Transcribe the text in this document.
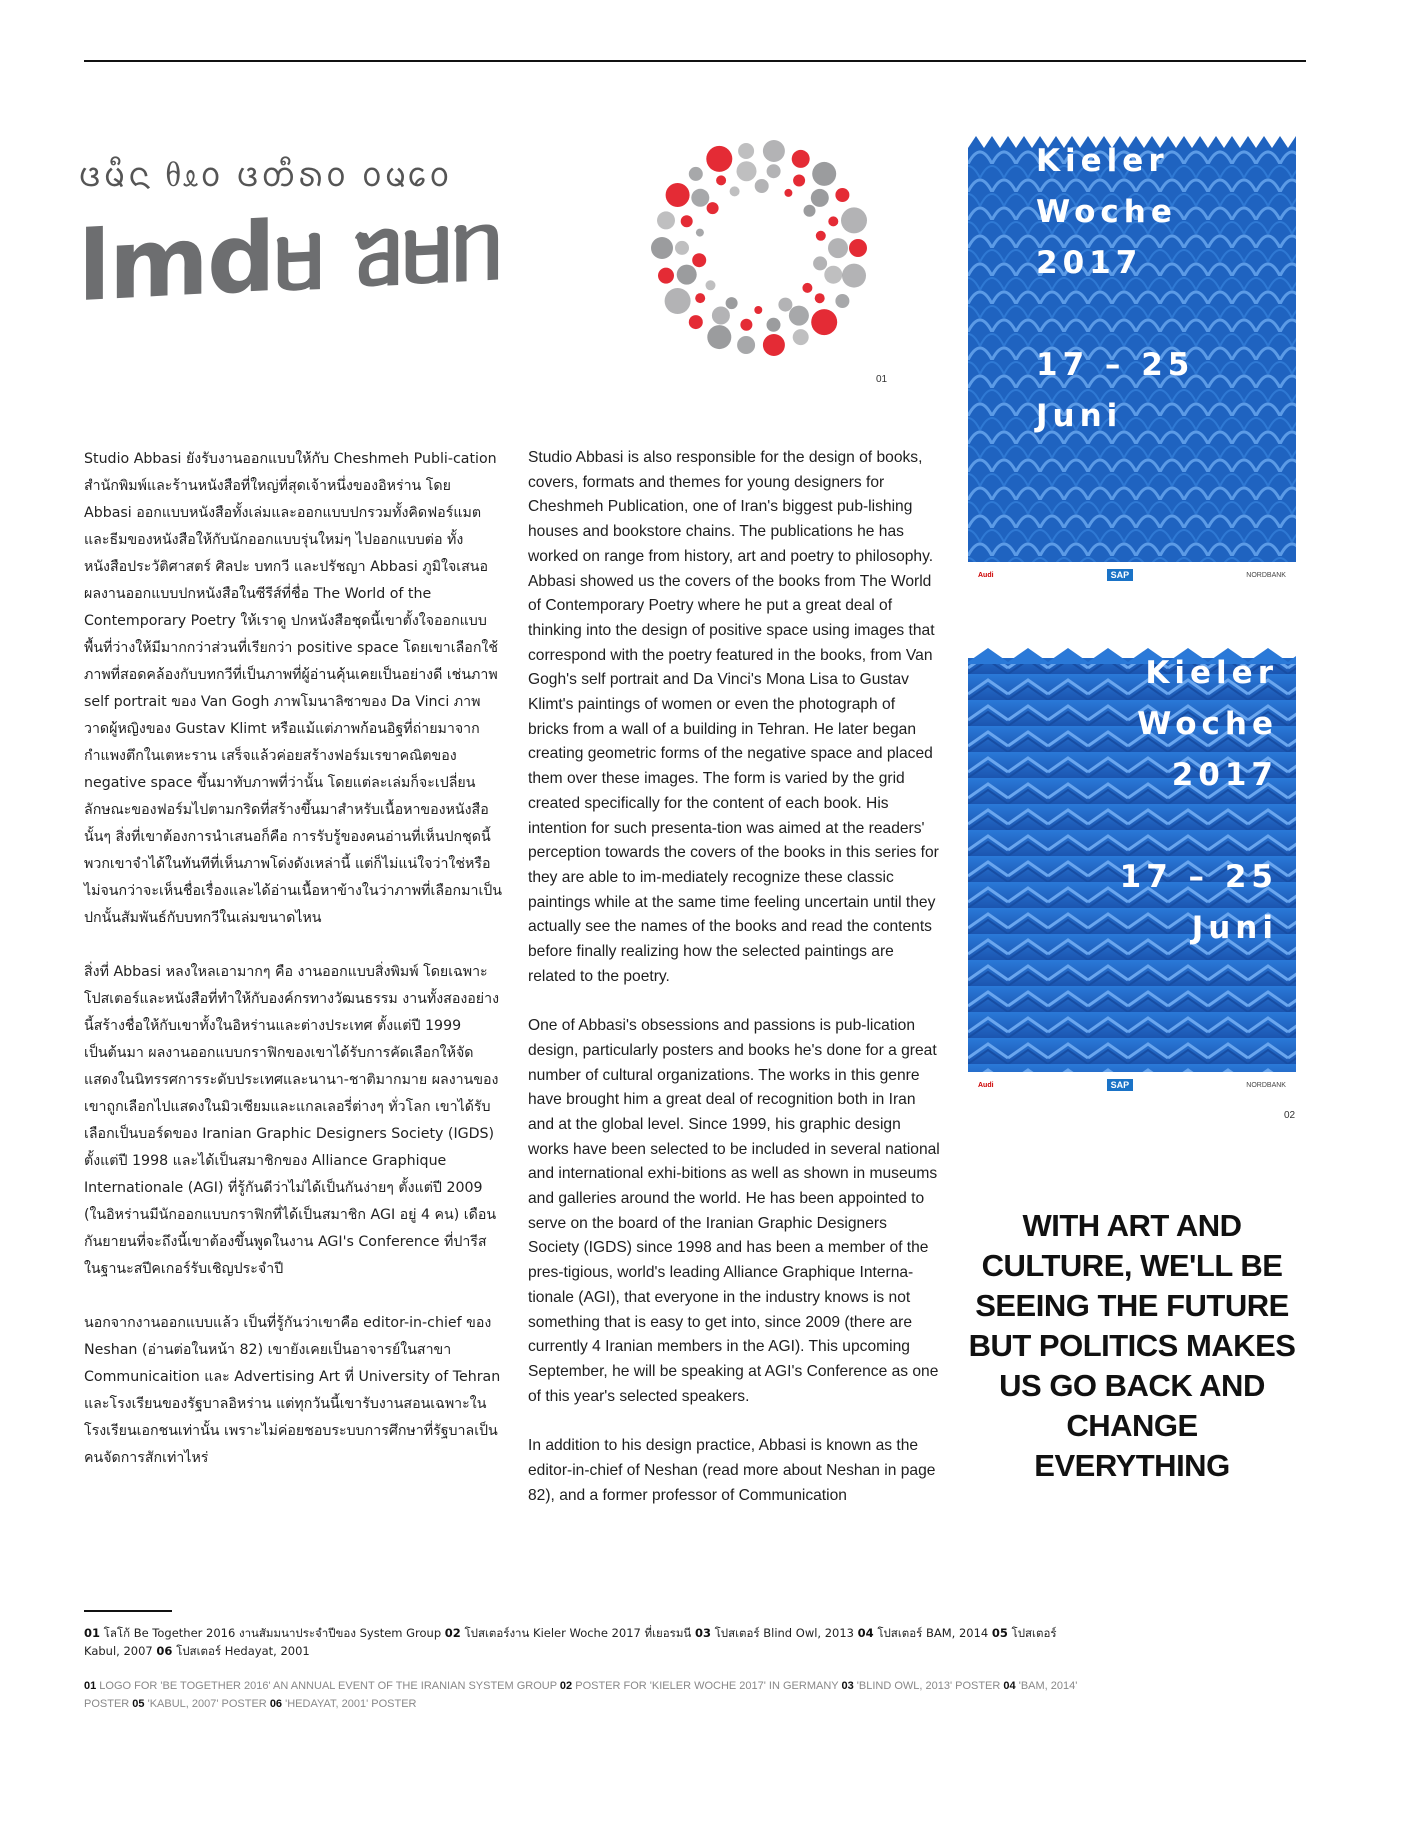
ᨴᨾᩥᨶ ᦲᦸᩅ ᨴᨲᩥᩁᩅ ᩅᨾᩮᩅ
lmdᥛ ᥑᥛᥒ
01
Kieler
Woche
2017
17 – 25
Juni
Audi	SAP	NORDBANK
Kieler
Woche
2017
17 – 25
Juni
Audi	SAP	NORDBANK
02

Studio Abbasi ยังรับงานออกแบบให้กับ Cheshmeh Publi-cation สำนักพิมพ์และร้านหนังสือที่ใหญ่ที่สุดเจ้าหนึ่งของอิหร่าน โดย Abbasi ออกแบบหนังสือทั้งเล่มและออกแบบปกรวมทั้งคิดฟอร์แมตและธีมของหนังสือให้กับนักออกแบบรุ่นใหม่ๆ ไปออกแบบต่อ ทั้งหนังสือประวัติศาสตร์ ศิลปะ บทกวี และปรัชญา Abbasi ภูมิใจเสนอผลงานออกแบบปกหนังสือในซีรีส์ที่ชื่อ The World of the Contemporary Poetry ให้เราดู ปกหนังสือชุดนี้เขาตั้งใจออกแบบพื้นที่ว่างให้มีมากกว่าส่วนที่เรียกว่า positive space โดยเขาเลือกใช้ภาพที่สอดคล้องกับบทกวีที่เป็นภาพที่ผู้อ่านคุ้นเคยเป็นอย่างดี เช่นภาพ self portrait ของ Van Gogh ภาพโมนาลิซาของ Da Vinci ภาพวาดผู้หญิงของ Gustav Klimt หรือแม้แต่ภาพก้อนอิฐที่ถ่ายมาจากกำแพงตึกในเตหะราน เสร็จแล้วค่อยสร้างฟอร์มเรขาคณิตของ negative space ขึ้นมาทับภาพที่ว่านั้น โดยแต่ละเล่มก็จะเปลี่ยนลักษณะของฟอร์มไปตามกริดที่สร้างขึ้นมาสำหรับเนื้อหาของหนังสือนั้นๆ สิ่งที่เขาต้องการนำเสนอก็คือ การรับรู้ของคนอ่านที่เห็นปกชุดนี้ พวกเขาจำได้ในทันทีที่เห็นภาพโด่งดังเหล่านี้ แต่ก็ไม่แน่ใจว่าใช่หรือไม่จนกว่าจะเห็นชื่อเรื่องและได้อ่านเนื้อหาข้างในว่าภาพที่เลือกมาเป็นปกนั้นสัมพันธ์กับบทกวีในเล่มขนาดไหน

สิ่งที่ Abbasi หลงใหลเอามากๆ คือ งานออกแบบสิ่งพิมพ์ โดยเฉพาะโปสเตอร์และหนังสือที่ทำให้กับองค์กรทางวัฒนธรรม งานทั้งสองอย่างนี้สร้างชื่อให้กับเขาทั้งในอิหร่านและต่างประเทศ ตั้งแต่ปี 1999 เป็นต้นมา ผลงานออกแบบกราฟิกของเขาได้รับการคัดเลือกให้จัดแสดงในนิทรรศการระดับประเทศและนานา-ชาติมากมาย ผลงานของเขาถูกเลือกไปแสดงในมิวเซียมและแกลเลอรี่ต่างๆ ทั่วโลก เขาได้รับเลือกเป็นบอร์ดของ Iranian Graphic Designers Society (IGDS) ตั้งแต่ปี 1998 และได้เป็นสมาชิกของ Alliance Graphique Internationale (AGI) ที่รู้กันดีว่าไม่ได้เป็นกันง่ายๆ ตั้งแต่ปี 2009 (ในอิหร่านมีนักออกแบบกราฟิกที่ได้เป็นสมาชิก AGI อยู่ 4 คน) เดือนกันยายนที่จะถึงนี้เขาต้องขึ้นพูดในงาน AGI's Conference ที่ปารีสในฐานะสปีคเกอร์รับเชิญประจำปี

นอกจากงานออกแบบแล้ว เป็นที่รู้กันว่าเขาคือ editor-in-chief ของ Neshan (อ่านต่อในหน้า 82) เขายังเคยเป็นอาจารย์ในสาขา Communicaition และ Advertising Art ที่ University of Tehran และโรงเรียนของรัฐบาลอิหร่าน แต่ทุกวันนี้เขารับงานสอนเฉพาะในโรงเรียนเอกชนเท่านั้น เพราะไม่ค่อยชอบระบบการศึกษาที่รัฐบาลเป็นคนจัดการสักเท่าไหร่

Studio Abbasi is also responsible for the design of books, covers, formats and themes for young designers for Cheshmeh Publication, one of Iran's biggest pub-lishing houses and bookstore chains. The publications he has worked on range from history, art and poetry to philosophy. Abbasi showed us the covers of the books from The World of Contemporary Poetry where he put a great deal of thinking into the design of positive space using images that correspond with the poetry featured in the books, from Van Gogh's self portrait and Da Vinci's Mona Lisa to Gustav Klimt's paintings of women or even the photograph of bricks from a wall of a building in Tehran. He later began creating geometric forms of the negative space and placed them over these images. The form is varied by the grid created specifically for the content of each book. His intention for such presenta-tion was aimed at the readers' perception towards the covers of the books in this series for they are able to im-mediately recognize these classic paintings while at the same time feeling uncertain until they actually see the names of the books and read the contents before finally realizing how the selected paintings are related to the poetry.

One of Abbasi's obsessions and passions is pub-lication design, particularly posters and books he's done for a great number of cultural organizations. The works in this genre have brought him a great deal of recognition both in Iran and at the global level. Since 1999, his graphic design works have been selected to be included in several national and international exhi-bitions as well as shown in museums and galleries around the world. He has been appointed to serve on the board of the Iranian Graphic Designers Society (IGDS) since 1998 and has been a member of the pres-tigious, world's leading Alliance Graphique Interna-tionale (AGI), that everyone in the industry knows is not something that is easy to get into, since 2009 (there are currently 4 Iranian members in the AGI). This upcoming September, he will be speaking at AGI's Conference as one of this year's selected speakers.

In addition to his design practice, Abbasi is known as the editor-in-chief of Neshan (read more about Neshan in page 82), and a former professor of Communication

WITH ART AND CULTURE, WE'LL BE SEEING THE FUTURE BUT POLITICS MAKES US GO BACK AND CHANGE EVERYTHING
01 โลโก้ Be Together 2016 งานสัมมนาประจำปีของ System Group 02 โปสเตอร์งาน Kieler Woche 2017 ที่เยอรมนี 03 โปสเตอร์ Blind Owl, 2013 04 โปสเตอร์ BAM, 2014 05 โปสเตอร์ Kabul, 2007 06 โปสเตอร์ Hedayat, 2001
01 LOGO FOR 'BE TOGETHER 2016' AN ANNUAL EVENT OF THE IRANIAN SYSTEM GROUP 02 POSTER FOR 'KIELER WOCHE 2017' IN GERMANY 03 'BLIND OWL, 2013' POSTER 04 'BAM, 2014' POSTER 05 'KABUL, 2007' POSTER 06 'HEDAYAT, 2001' POSTER
